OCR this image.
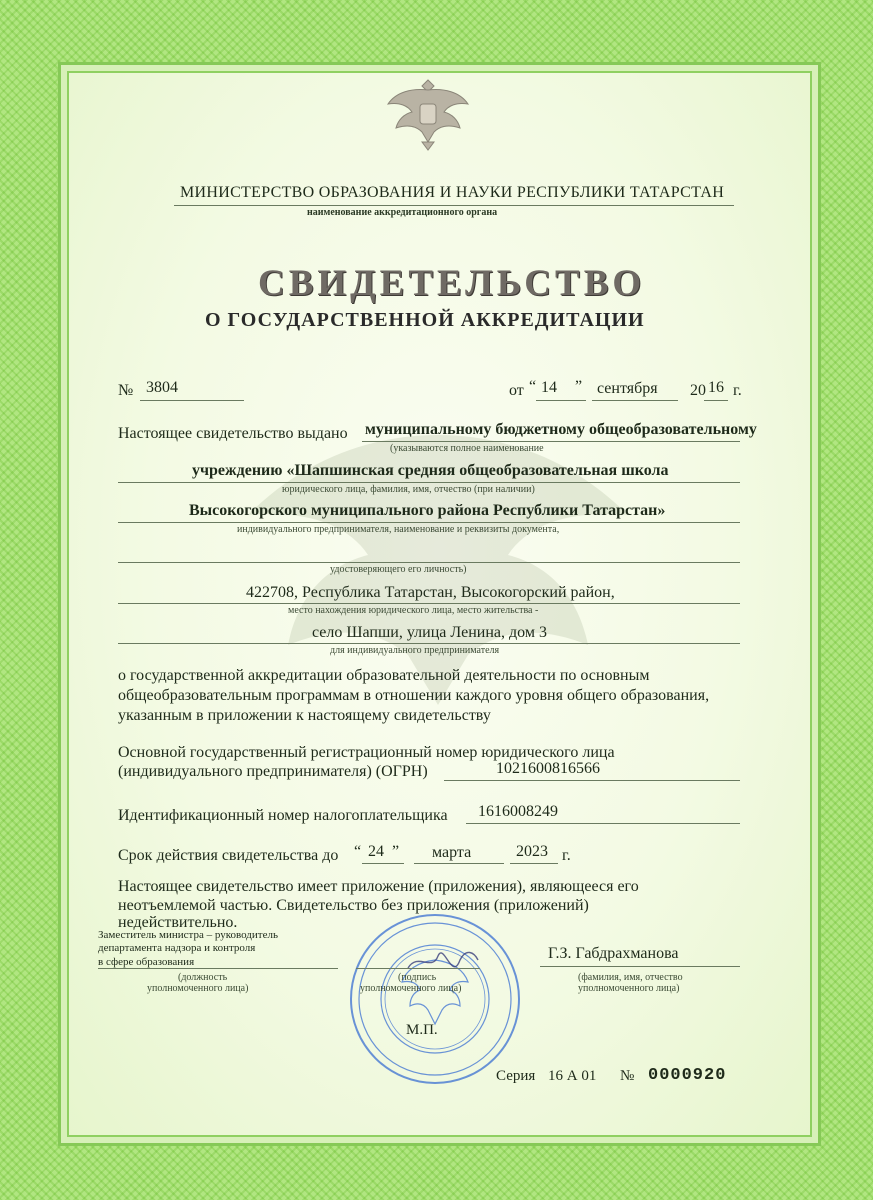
МИНИСТЕРСТВО ОБРАЗОВАНИЯ И НАУКИ РЕСПУБЛИКИ ТАТАРСТАН
наименование аккредитационного органа
СВИДЕТЕЛЬСТВО
О ГОСУДАРСТВЕННОЙ АККРЕДИТАЦИИ
№ 3804	от “ 14 ” сентября 20 16 г.
Настоящее свидетельство выдано муниципальному бюджетному общеобразовательному
(указываются полное наименование
учреждению «Шапшинская средняя общеобразовательная школа
юридического лица, фамилия, имя, отчество (при наличии)
Высокогорского муниципального района Республики Татарстан»
индивидуального предпринимателя, наименование и реквизиты документа,
удостоверяющего его личность)
422708, Республика Татарстан, Высокогорский район,
место нахождения юридического лица, место жительства -
село Шапши, улица Ленина, дом 3
для индивидуального предпринимателя
о государственной аккредитации образовательной деятельности по основным
общеобразовательным программам в отношении каждого уровня общего образования,
указанным в приложении к настоящему свидетельству
Основной государственный регистрационный номер юридического лица
(индивидуального предпринимателя) (ОГРН)	1021600816566
Идентификационный номер налогоплательщика 1616008249
Срок действия свидетельства до “ 24 ” марта	2023 г.
Настоящее свидетельство имеет приложение (приложения), являющееся его
неотъемлемой частью. Свидетельство без приложения (приложений)
недействительно.
Заместитель министра – руководитель
департамента надзора и контроля
в сфере образования
(должность
уполномоченного лица)
(подпись
уполномоченного лица)
Г.З. Габдрахманова
(фамилия, имя, отчество
уполномоченного лица)
М.П.
Серия 16 А 01 № 0000920
